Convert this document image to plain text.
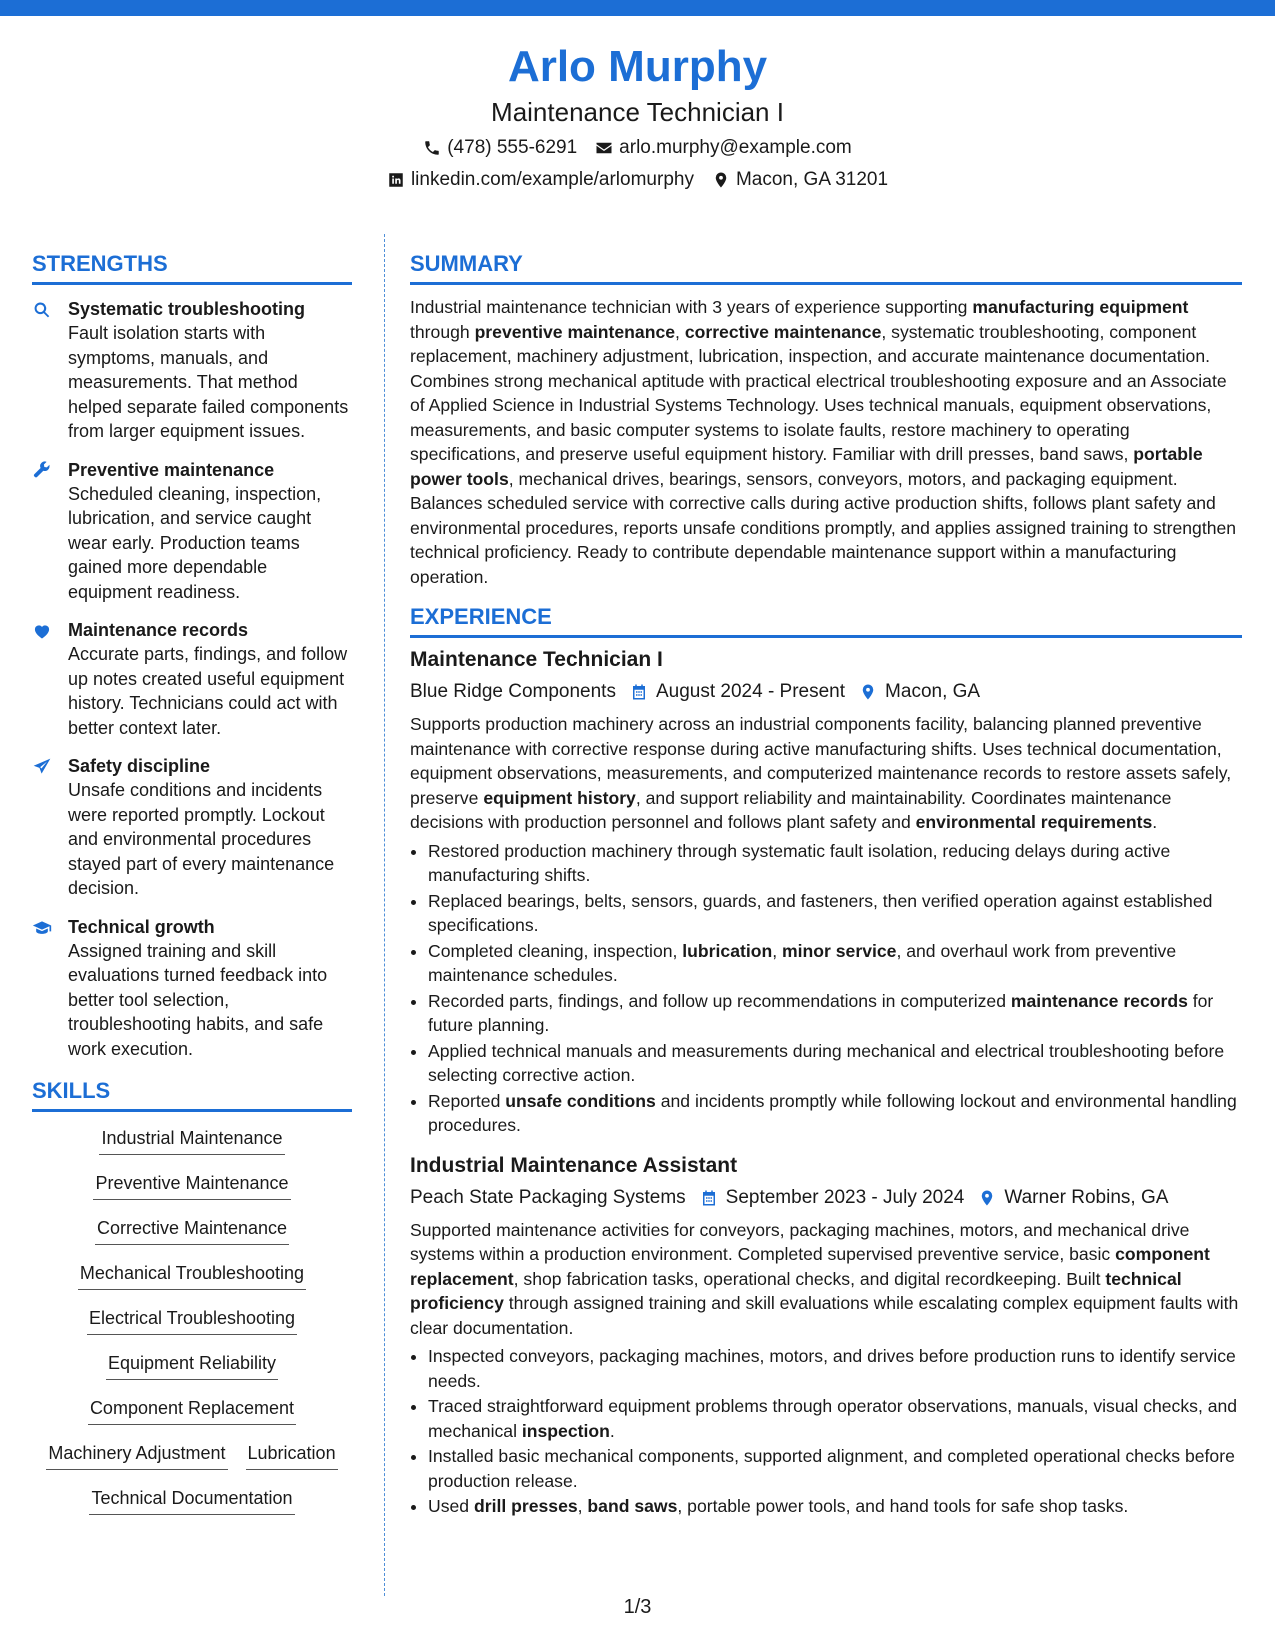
Arlo Murphy
Maintenance Technician I
(478) 555-6291 arlo.murphy@example.com
linkedin.com/example/arlomurphy Macon, GA 31201
STRENGTHS
Systematic troubleshooting
Fault isolation starts with symptoms, manuals, and measurements. That method helped separate failed components from larger equipment issues.
Preventive maintenance
Scheduled cleaning, inspection, lubrication, and service caught wear early. Production teams gained more dependable equipment readiness.
Maintenance records
Accurate parts, findings, and follow up notes created useful equipment history. Technicians could act with better context later.
Safety discipline
Unsafe conditions and incidents were reported promptly. Lockout and environmental procedures stayed part of every maintenance decision.
Technical growth
Assigned training and skill evaluations turned feedback into better tool selection, troubleshooting habits, and safe work execution.
SKILLS
Industrial Maintenance
Preventive Maintenance
Corrective Maintenance
Mechanical Troubleshooting
Electrical Troubleshooting
Equipment Reliability
Component Replacement
Machinery Adjustment Lubrication
Technical Documentation
SUMMARY

Industrial maintenance technician with 3 years of experience supporting manufacturing equipment through preventive maintenance, corrective maintenance, systematic troubleshooting, component replacement, machinery adjustment, lubrication, inspection, and accurate maintenance documentation. Combines strong mechanical aptitude with practical electrical troubleshooting exposure and an Associate of Applied Science in Industrial Systems Technology. Uses technical manuals, equipment observations, measurements, and basic computer systems to isolate faults, restore machinery to operating specifications, and preserve useful equipment history. Familiar with drill presses, band saws, portable power tools, mechanical drives, bearings, sensors, conveyors, motors, and packaging equipment. Balances scheduled service with corrective calls during active production shifts, follows plant safety and environmental procedures, reports unsafe conditions promptly, and applies assigned training to strengthen technical proficiency. Ready to contribute dependable maintenance support within a manufacturing operation.

EXPERIENCE
Maintenance Technician I
Blue Ridge Components August 2024 - Present Macon, GA

Supports production machinery across an industrial components facility, balancing planned preventive maintenance with corrective response during active manufacturing shifts. Uses technical documentation, equipment observations, measurements, and computerized maintenance records to restore assets safely, preserve equipment history, and support reliability and maintainability. Coordinates maintenance decisions with production personnel and follows plant safety and environmental requirements.

• Restored production machinery through systematic fault isolation, reducing delays during active manufacturing shifts.
• Replaced bearings, belts, sensors, guards, and fasteners, then verified operation against established specifications.
• Completed cleaning, inspection, lubrication, minor service, and overhaul work from preventive maintenance schedules.
• Recorded parts, findings, and follow up recommendations in computerized maintenance records for future planning.
• Applied technical manuals and measurements during mechanical and electrical troubleshooting before selecting corrective action.
• Reported unsafe conditions and incidents promptly while following lockout and environmental handling procedures.
Industrial Maintenance Assistant
Peach State Packaging Systems September 2023 - July 2024 Warner Robins, GA

Supported maintenance activities for conveyors, packaging machines, motors, and mechanical drive systems within a production environment. Completed supervised preventive service, basic component replacement, shop fabrication tasks, operational checks, and digital recordkeeping. Built technical proficiency through assigned training and skill evaluations while escalating complex equipment faults with clear documentation.

• Inspected conveyors, packaging machines, motors, and drives before production runs to identify service needs.
• Traced straightforward equipment problems through operator observations, manuals, visual checks, and mechanical inspection.
• Installed basic mechanical components, supported alignment, and completed operational checks before production release.
• Used drill presses, band saws, portable power tools, and hand tools for safe shop tasks.
1/3
